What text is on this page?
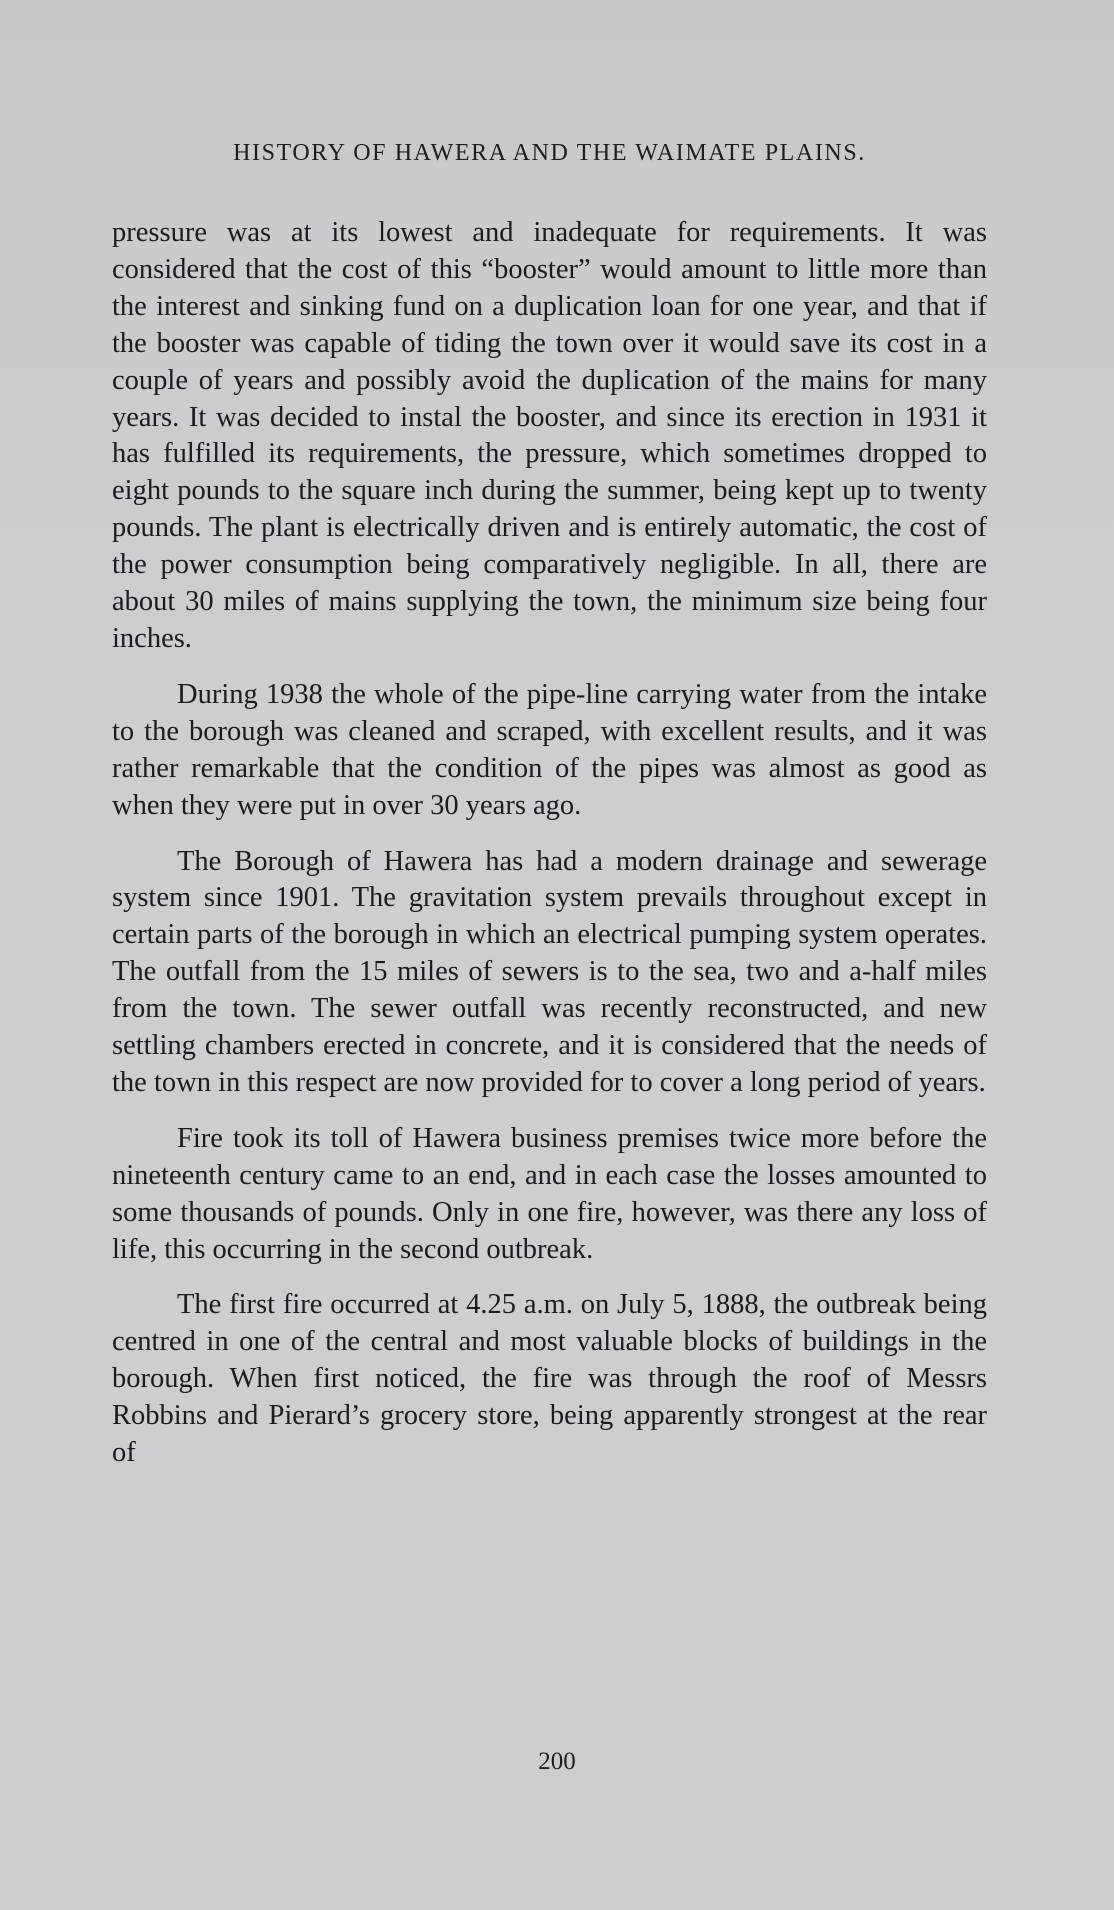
HISTORY OF HAWERA AND THE WAIMATE PLAINS.

pressure was at its lowest and inadequate for requirements. It was considered that the cost of this “booster” would amount to little more than the interest and sinking fund on a duplication loan for one year, and that if the booster was capable of tiding the town over it would save its cost in a couple of years and possibly avoid the duplication of the mains for many years. It was decided to instal the booster, and since its erection in 1931 it has fulfilled its requirements, the pressure, which sometimes dropped to eight pounds to the square inch during the summer, being kept up to twenty pounds. The plant is electrically driven and is entirely automatic, the cost of the power consumption being comparatively negligible. In all, there are about 30 miles of mains supplying the town, the minimum size being four inches.

During 1938 the whole of the pipe-line carrying water from the intake to the borough was cleaned and scraped, with excellent results, and it was rather remarkable that the condition of the pipes was almost as good as when they were put in over 30 years ago.

The Borough of Hawera has had a modern drainage and sewerage system since 1901. The gravitation system prevails throughout except in certain parts of the borough in which an electrical pumping system operates. The outfall from the 15 miles of sewers is to the sea, two and a-half miles from the town. The sewer outfall was recently reconstructed, and new settling chambers erected in concrete, and it is considered that the needs of the town in this respect are now provided for to cover a long period of years.

Fire took its toll of Hawera business premises twice more before the nineteenth century came to an end, and in each case the losses amounted to some thousands of pounds. Only in one fire, however, was there any loss of life, this occurring in the second outbreak.

The first fire occurred at 4.25 a.m. on July 5, 1888, the outbreak being centred in one of the central and most valuable blocks of buildings in the borough. When first noticed, the fire was through the roof of Messrs Robbins and Pierard’s grocery store, being apparently strongest at the rear of

200
